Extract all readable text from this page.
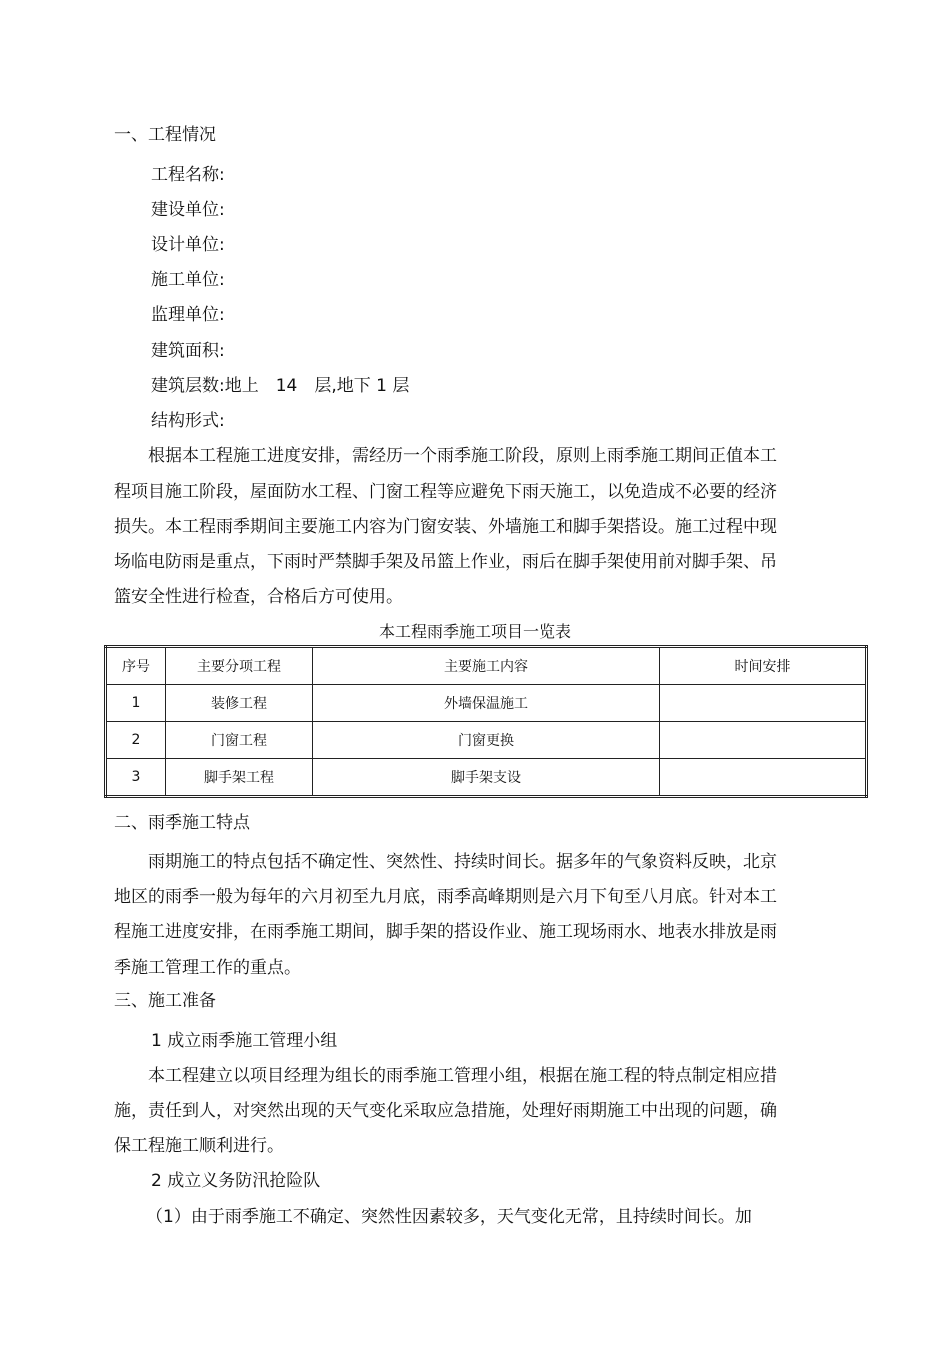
一、工程情况
工程名称:
建设单位:
设计单位:
施工单位:
监理单位:
建筑面积:
建筑层数:地上　14　层,地下 1 层
结构形式:
　　根据本工程施工进度安排，需经历一个雨季施工阶段，原则上雨季施工期间正值本工
程项目施工阶段，屋面防水工程、门窗工程等应避免下雨天施工，以免造成不必要的经济
损失。本工程雨季期间主要施工内容为门窗安装、外墙施工和脚手架搭设。施工过程中现
场临电防雨是重点，下雨时严禁脚手架及吊篮上作业，雨后在脚手架使用前对脚手架、吊
篮安全性进行检查，合格后方可使用。
本工程雨季施工项目一览表
序号	主要分项工程	主要施工内容	时间安排
1	装修工程	外墙保温施工	
2	门窗工程	门窗更换	
3	脚手架工程	脚手架支设	
二、雨季施工特点
　　雨期施工的特点包括不确定性、突然性、持续时间长。据多年的气象资料反映，北京
地区的雨季一般为每年的六月初至九月底，雨季高峰期则是六月下旬至八月底。针对本工
程施工进度安排，在雨季施工期间，脚手架的搭设作业、施工现场雨水、地表水排放是雨
季施工管理工作的重点。
三、施工准备
1 成立雨季施工管理小组
　　本工程建立以项目经理为组长的雨季施工管理小组，根据在施工程的特点制定相应措
施，责任到人，对突然出现的天气变化采取应急措施，处理好雨期施工中出现的问题，确
保工程施工顺利进行。
2 成立义务防汛抢险队
（1）由于雨季施工不确定、突然性因素较多，天气变化无常，且持续时间长。加
